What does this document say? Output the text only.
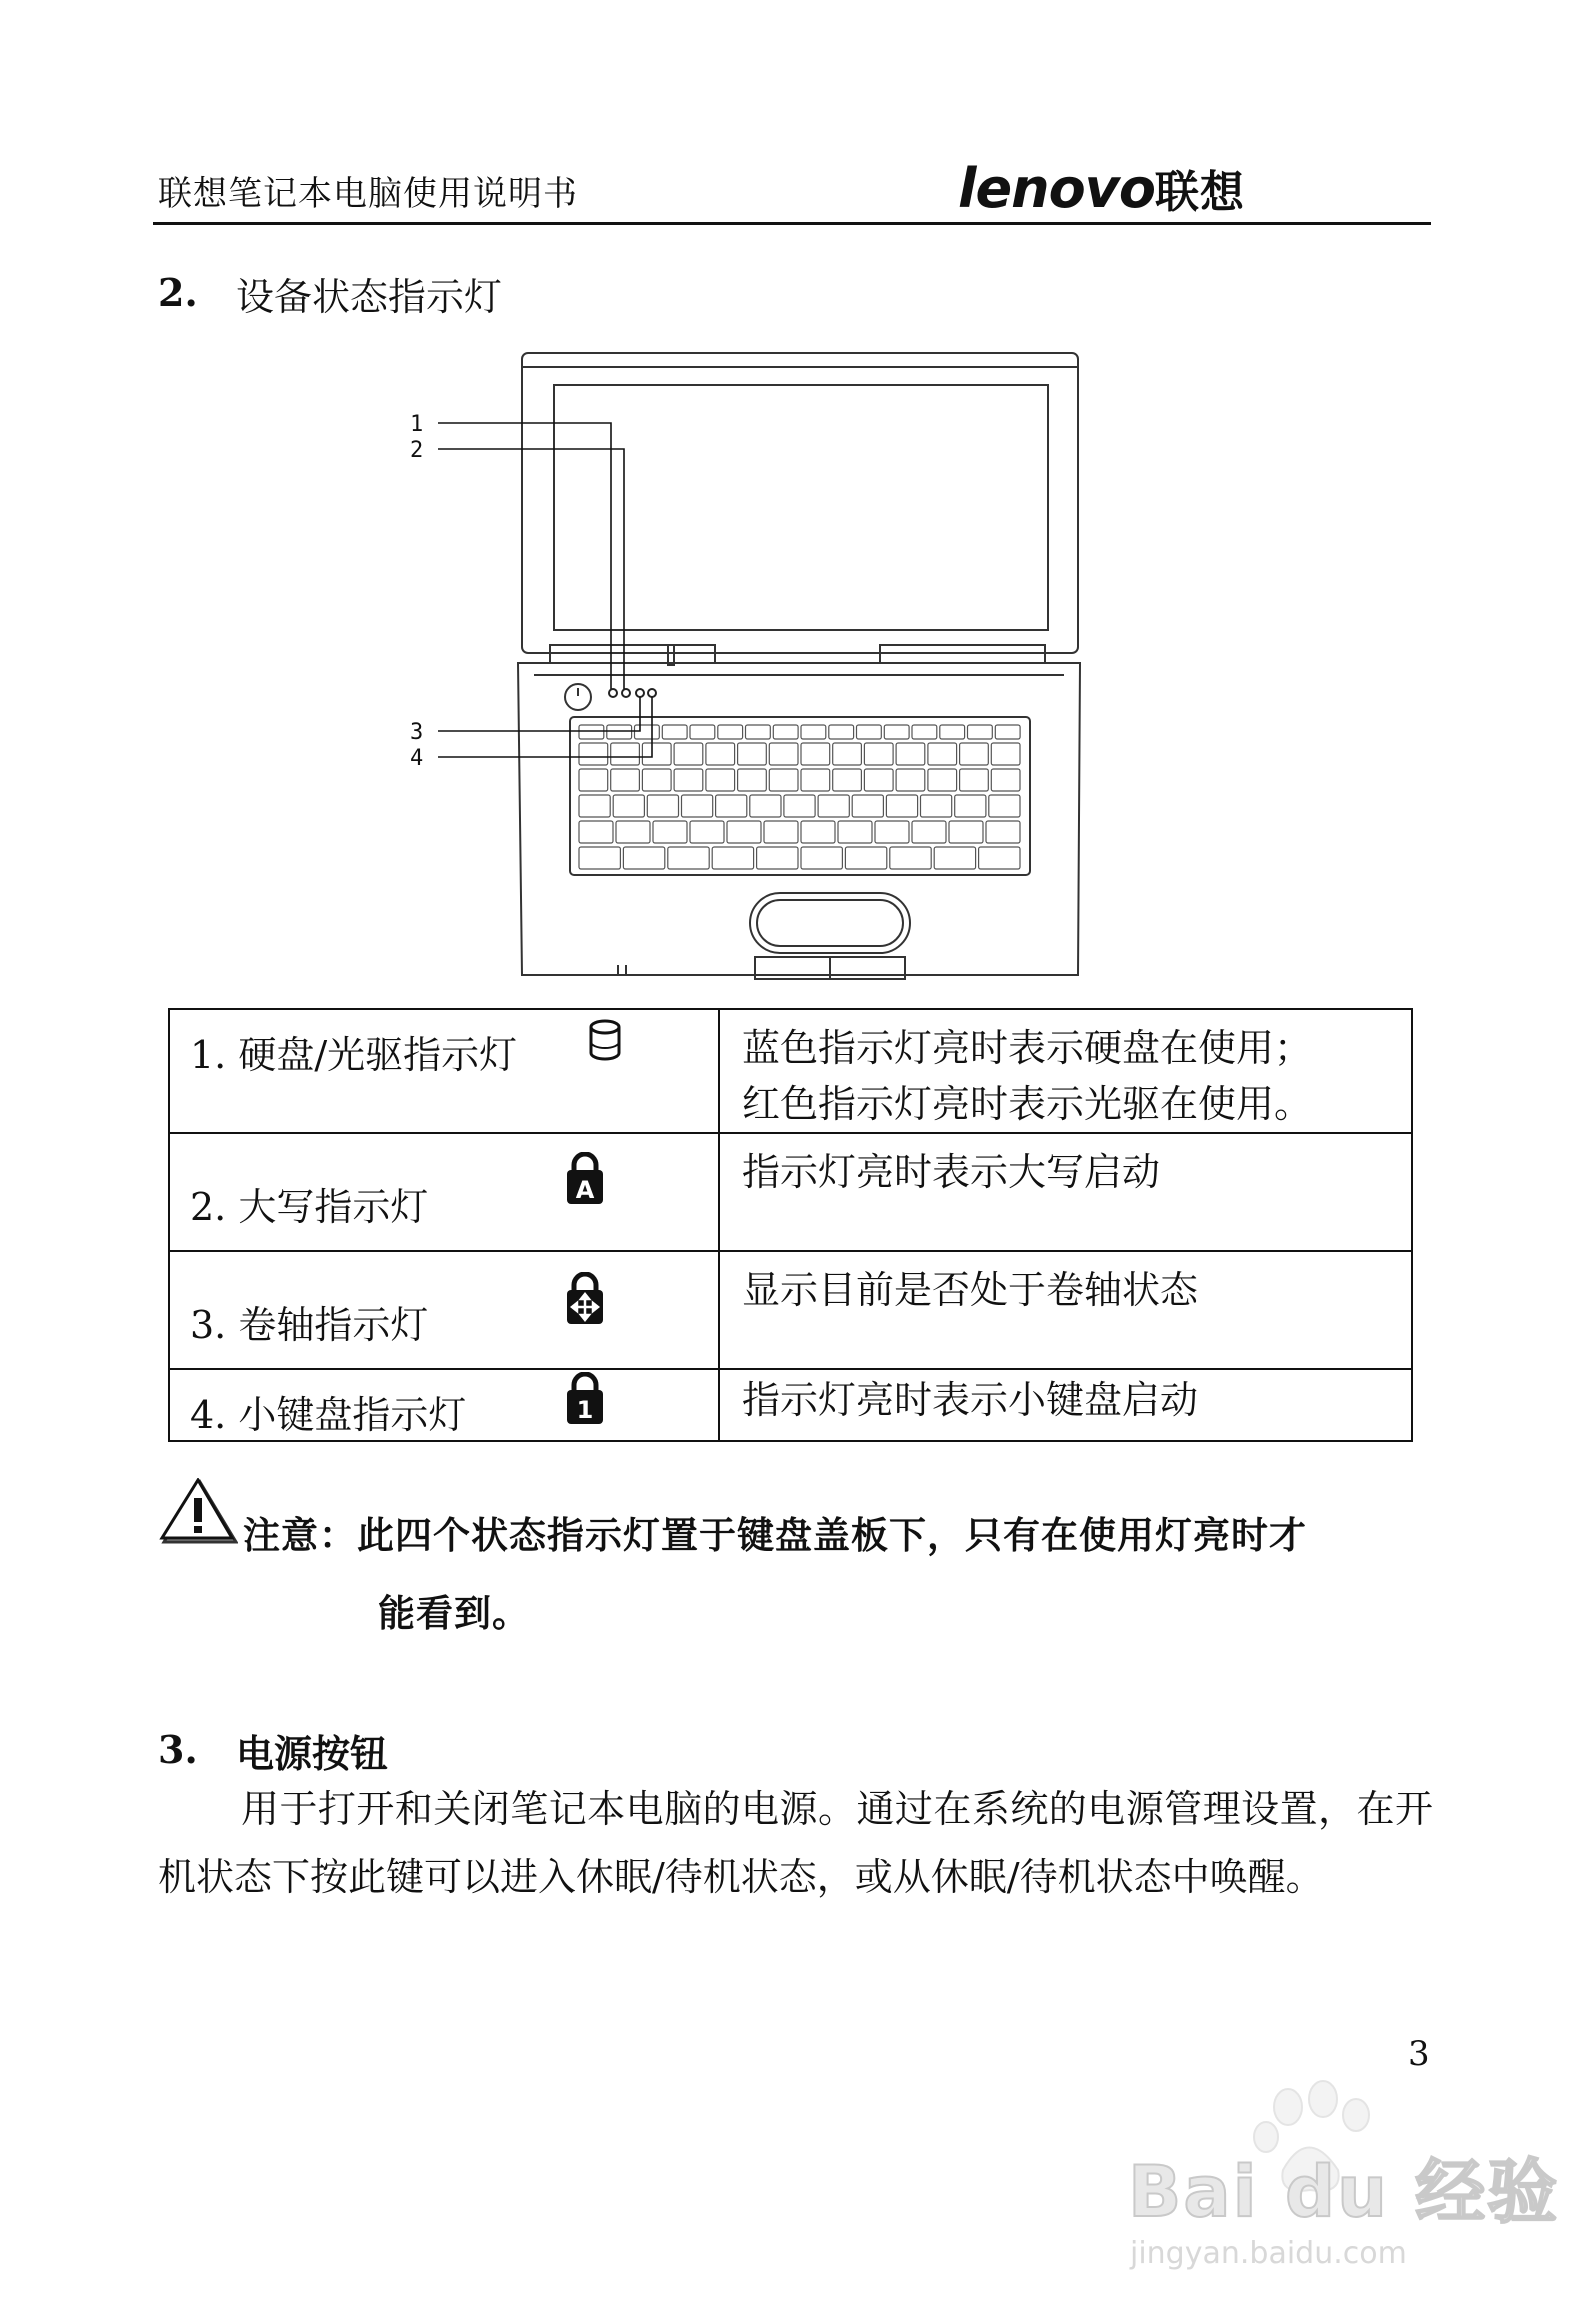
联想笔记本电脑使用说明书	lenovo联想
2. 设备状态指示灯
1
2
3
4
1. 硬盘/光驱指示灯	蓝色指示灯亮时表示硬盘在使用；
红色指示灯亮时表示光驱在使用。

2. 大写指示灯 A	指示灯亮时表示大写启动

3. 卷轴指示灯	显示目前是否处于卷轴状态

4. 小键盘指示灯 1	指示灯亮时表示小键盘启动
注意：此四个状态指示灯置于键盘盖板下，只有在使用灯亮时才
能看到。
3. 电源按钮
用于打开和关闭笔记本电脑的电源。通过在系统的电源管理设置，在开机状态下按此键可以进入休眠/待机状态，或从休眠/待机状态中唤醒。
3
Bai du 经验
jingyan.baidu.com
